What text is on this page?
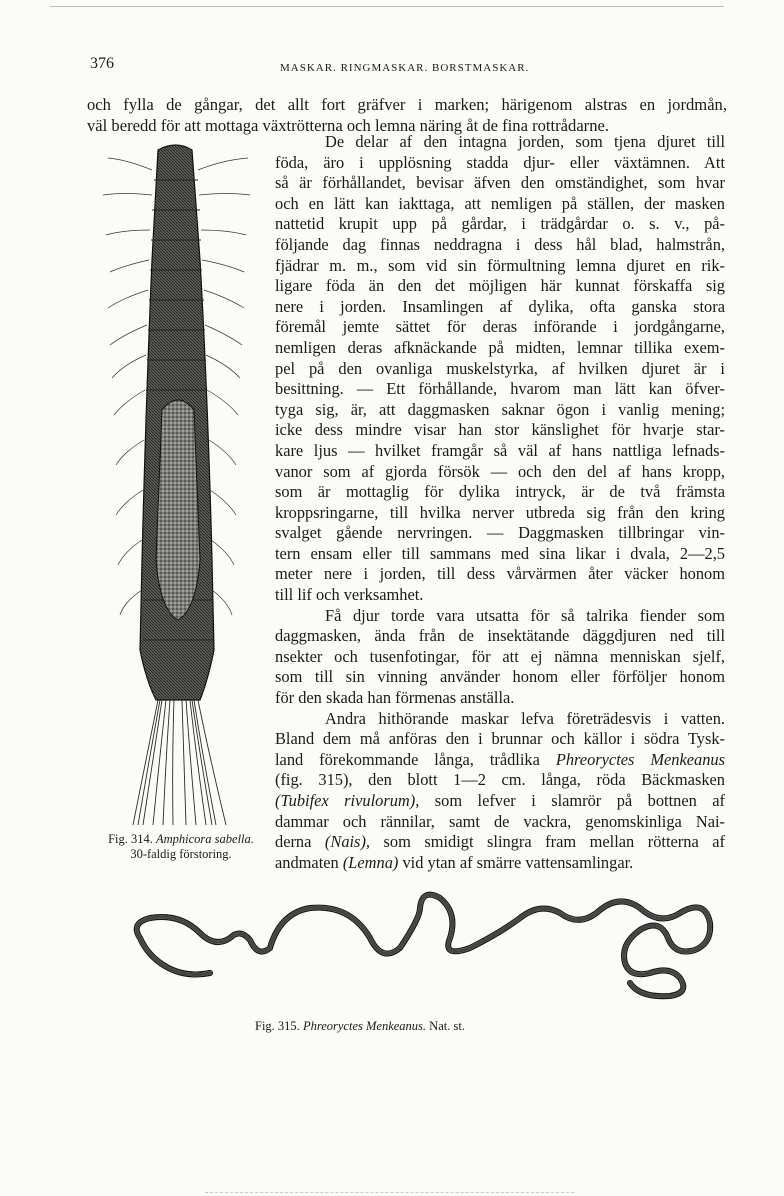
376	MASKAR. RINGMASKAR. BORSTMASKAR.
och fylla de gångar, det allt fort gräfver i marken; härigenom alstras en jordmån,
väl beredd för att mottaga växtrötterna och lemna näring åt de fina rottrådarne.
Fig. 314. Amphicora sabella.
30-faldig förstoring.
De delar af den intagna jorden, som tjena djuret till
föda, äro i upplösning stadda djur- eller växtämnen. Att
så är förhållandet, bevisar äfven den omständighet, som hvar
och en lätt kan iakttaga, att nemligen på ställen, der masken
nattetid krupit upp på gårdar, i trädgårdar o. s. v., på-
följande dag finnas neddragna i dess hål blad, halmstrån,
fjädrar m. m., som vid sin förmultning lemna djuret en rik-
ligare föda än den det möjligen här kunnat förskaffa sig
nere i jorden. Insamlingen af dylika, ofta ganska stora
föremål jemte sättet för deras införande i jordgångarne,
nemligen deras afknäckande på midten, lemnar tillika exem-
pel på den ovanliga muskelstyrka, af hvilken djuret är i
besittning. — Ett förhållande, hvarom man lätt kan öfver-
tyga sig, är, att daggmasken saknar ögon i vanlig mening;
icke dess mindre visar han stor känslighet för hvarje star-
kare ljus — hvilket framgår så väl af hans nattliga lefnads-
vanor som af gjorda försök — och den del af hans kropp,
som är mottaglig för dylika intryck, är de två främsta
kroppsringarne, till hvilka nerver utbreda sig från den kring
svalget gående nervringen. — Daggmasken tillbringar vin-
tern ensam eller till sammans med sina likar i dvala, 2—2,5
meter nere i jorden, till dess vårvärmen åter väcker honom
till lif och verksamhet.
Få djur torde vara utsatta för så talrika fiender som
daggmasken, ända från de insektätande däggdjuren ned till
nsekter och tusenfotingar, för att ej nämna menniskan sjelf,
som till sin vinning använder honom eller förföljer honom
för den skada han förmenas anställa.
Andra hithörande maskar lefva företrädesvis i vatten.
Bland dem må anföras den i brunnar och källor i södra Tysk-
land förekommande långa, trådlika Phreoryctes Menkeanus
(fig. 315), den blott 1—2 cm. långa, röda Bäckmasken
(Tubifex rivulorum), som lefver i slamrör på bottnen af
dammar och rännilar, samt de vackra, genomskinliga Nai-
derna (Nais), som smidigt slingra fram mellan rötterna af
andmaten (Lemna) vid ytan af smärre vattensamlingar.
Fig. 315. Phreoryctes Menkeanus. Nat. st.
